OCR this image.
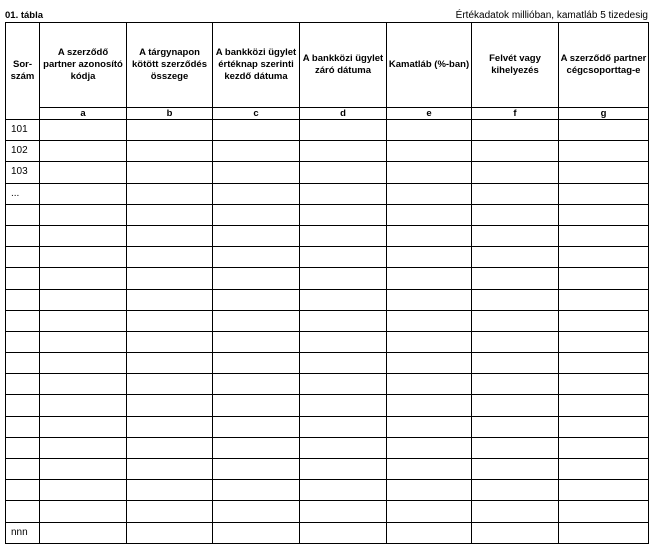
01. tábla	Értékadatok millióban, kamatláb 5 tizedesig
Sor-
szám	A szerződő partner azonosító kódja	A tárgynapon kötött szerződés összege	A bankközi ügylet értéknap szerinti kezdő dátuma	A bankközi ügylet záró dátuma	Kamatláb (%-ban)	Felvét vagy kihelyezés	A szerződő partner cégcsoporttag-e
	a	b	c	d	e	f	g
101							
102							
103							
...							

nnn							
